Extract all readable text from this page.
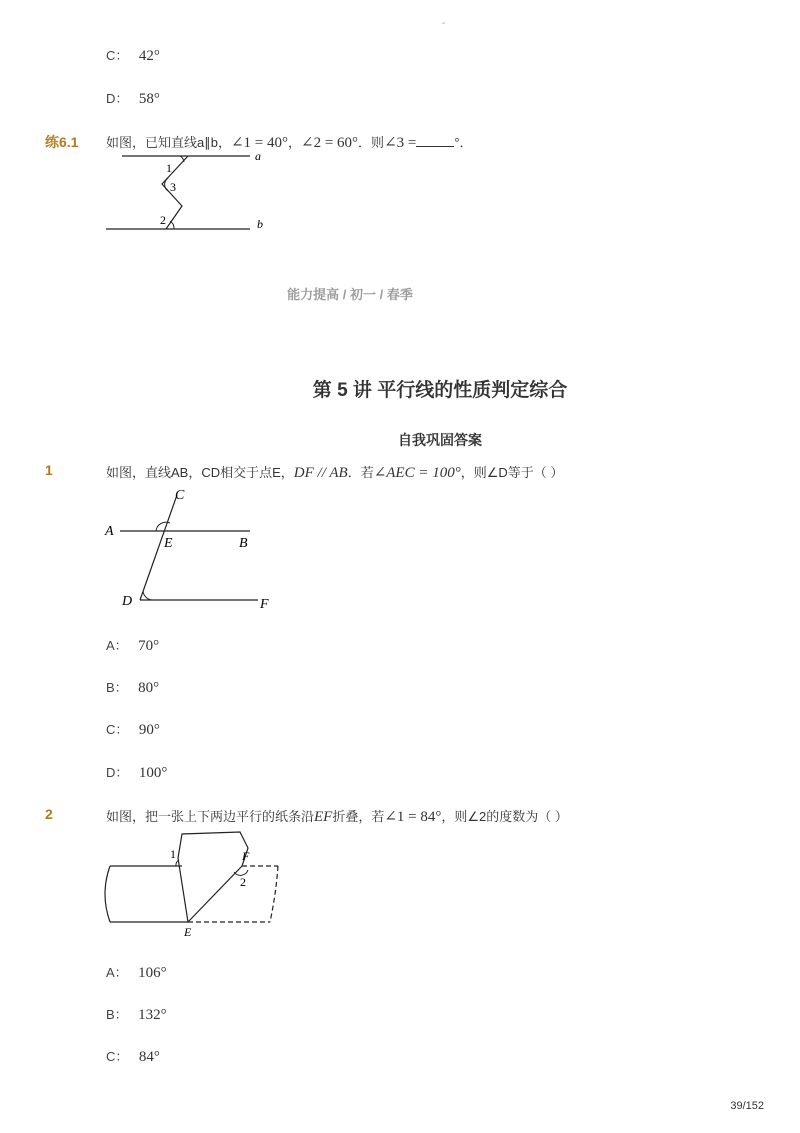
-
C： 42°
D： 58°
练6.1 如图，已知直线a∥b，∠1 = 40°，∠2 = 60°．则∠3 =	°．
a
b
1
3
2
能力提高 / 初一 / 春季
第 5 讲 平行线的性质判定综合
自我巩固答案
1	如图，直线AB，CD相交于点E，DF // AB．若∠AEC = 100°，则∠D等于（ ）
C
A
E	B
D	F
A： 70°
B： 80°
C： 90°
D： 100°
2	如图，把一张上下两边平行的纸条沿EF折叠，若∠1 = 84°，则∠2的度数为（ ）
1	F
2
E
A： 106°
B： 132°
C： 84°
39/152
